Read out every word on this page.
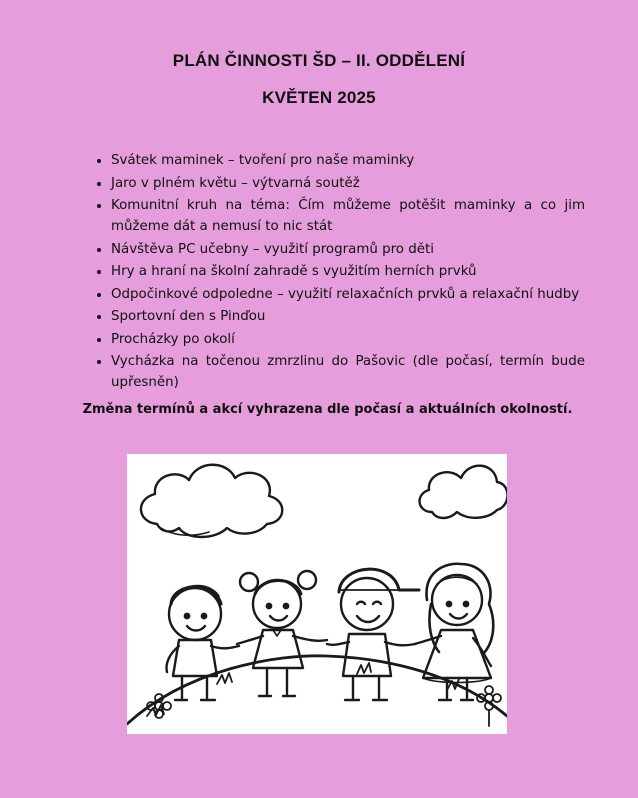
PLÁN ČINNOSTI ŠD – II. ODDĚLENÍ
KVĚTEN 2025
• Svátek maminek – tvoření pro naše maminky
• Jaro v plném květu – výtvarná soutěž
• Komunitní kruh na téma: Čím můžeme potěšit maminky a co jim můžeme dát a nemusí to nic stát
• Návštěva PC učebny – využití programů pro děti
• Hry a hraní na školní zahradě s využitím herních prvků
• Odpočinkové odpoledne – využití relaxačních prvků a relaxační hudby
• Sportovní den s Pinďou
• Procházky po okolí
• Vycházka na točenou zmrzlinu do Pašovic (dle počasí, termín bude upřesněn)
Změna termínů a akcí vyhrazena dle počasí a aktuálních okolností.
